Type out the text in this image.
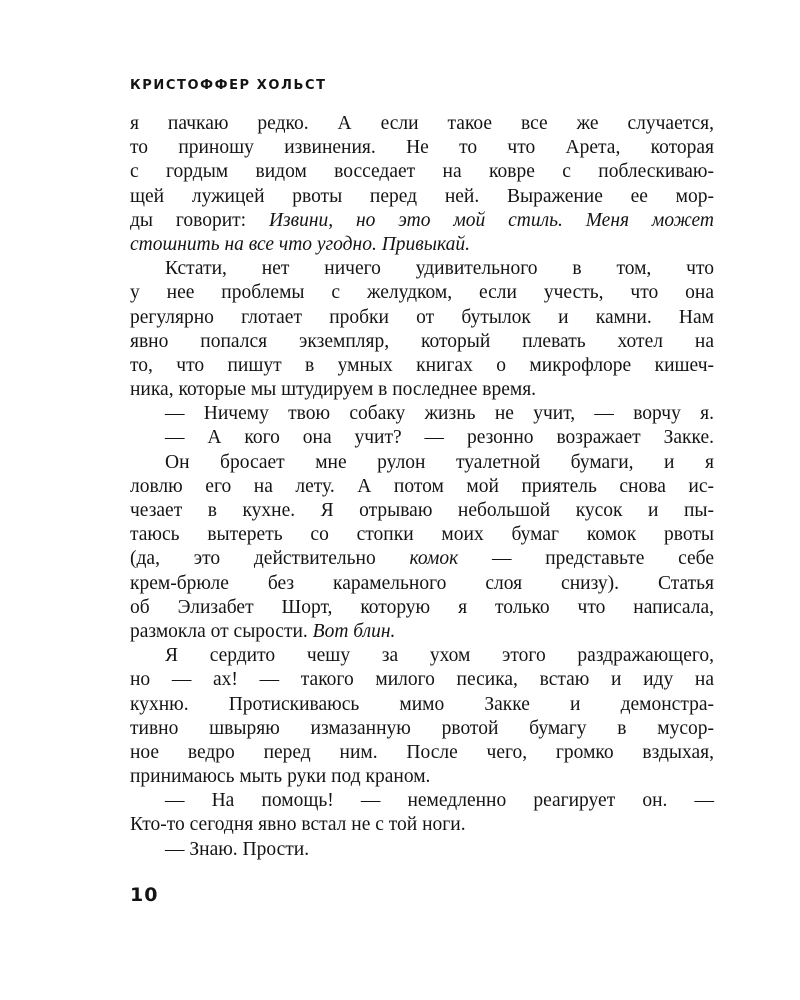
КРИСТОФФЕР ХОЛЬСТ
я пачкаю редко. А если такое все же случается,
то приношу извинения. Не то что Арета, которая
с гордым видом восседает на ковре с поблескиваю-
щей лужицей рвоты перед ней. Выражение ее мор-
ды говорит: Извини, но это мой стиль. Меня может
стошнить на все что угодно. Привыкай.
Кстати, нет ничего удивительного в том, что
у нее проблемы с желудком, если учесть, что она
регулярно глотает пробки от бутылок и камни. Нам
явно попался экземпляр, который плевать хотел на
то, что пишут в умных книгах о микрофлоре кишеч-
ника, которые мы штудируем в последнее время.
— Ничему твою собаку жизнь не учит, — ворчу я.
— А кого она учит? — резонно возражает Закке.
Он бросает мне рулон туалетной бумаги, и я
ловлю его на лету. А потом мой приятель снова ис-
чезает в кухне. Я отрываю небольшой кусок и пы-
таюсь вытереть со стопки моих бумаг комок рвоты
(да, это действительно комок — представьте себе
крем-брюле без карамельного слоя снизу). Статья
об Элизабет Шорт, которую я только что написала,
размокла от сырости. Вот блин.
Я сердито чешу за ухом этого раздражающего,
но — ах! — такого милого песика, встаю и иду на
кухню. Протискиваюсь мимо Закке и демонстра-
тивно швыряю измазанную рвотой бумагу в мусор-
ное ведро перед ним. После чего, громко вздыхая,
принимаюсь мыть руки под краном.
— На помощь! — немедленно реагирует он. —
Кто-то сегодня явно встал не с той ноги.
— Знаю. Прости.
10
